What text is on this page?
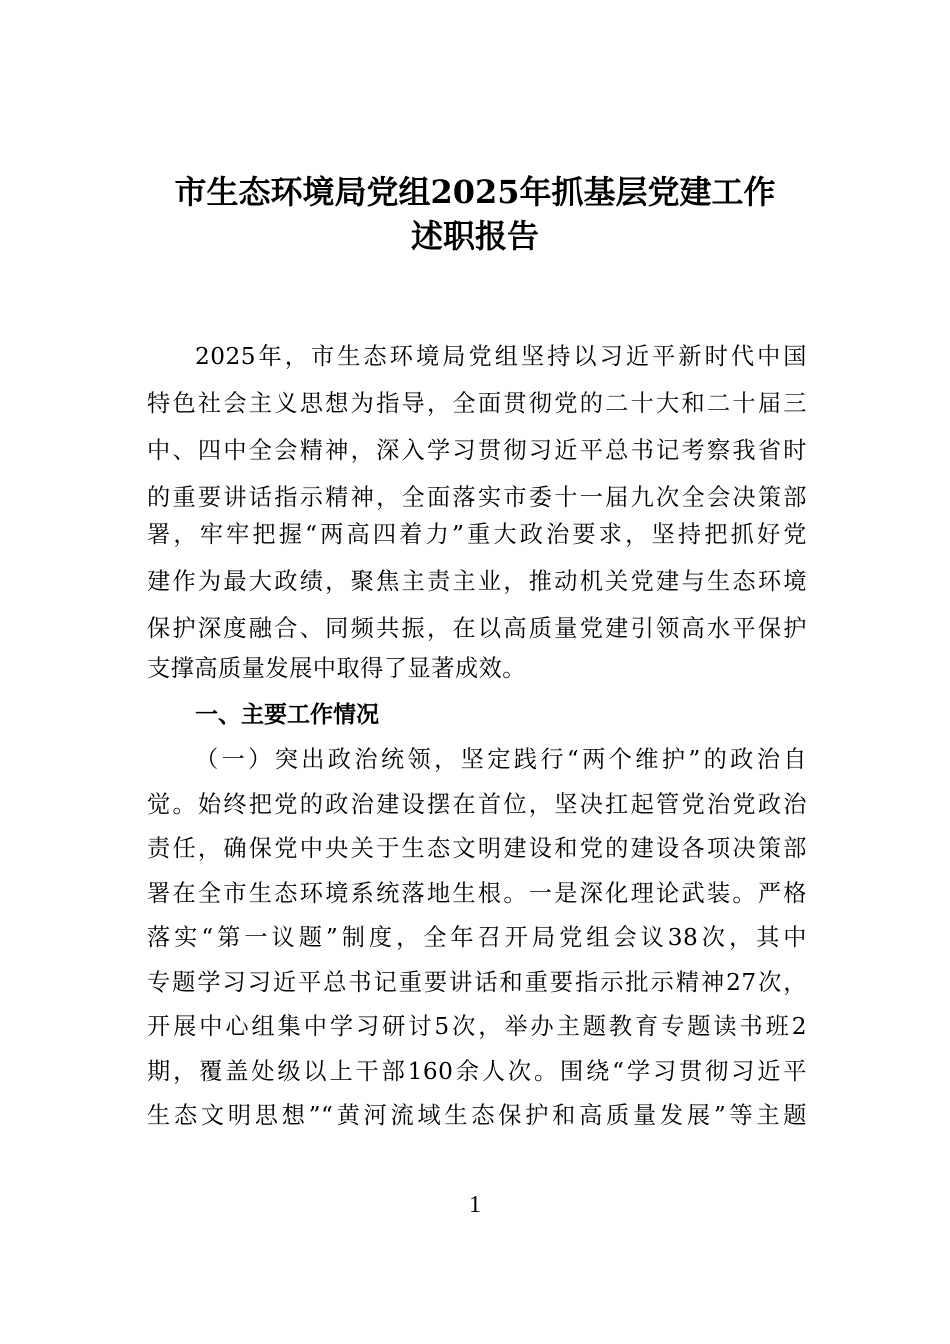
市生态环境局党组2025年抓基层党建工作
述职报告
2025年，市生态环境局党组坚持以习近平新时代中国
特色社会主义思想为指导，全面贯彻党的二十大和二十届三
中、四中全会精神，深入学习贯彻习近平总书记考察我省时
的重要讲话指示精神，全面落实市委十一届九次全会决策部
署，牢牢把握“两高四着力”重大政治要求，坚持把抓好党
建作为最大政绩，聚焦主责主业，推动机关党建与生态环境
保护深度融合、同频共振，在以高质量党建引领高水平保护
支撑高质量发展中取得了显著成效。
一、主要工作情况
（一）突出政治统领，坚定践行“两个维护”的政治自
觉。始终把党的政治建设摆在首位，坚决扛起管党治党政治
责任，确保党中央关于生态文明建设和党的建设各项决策部
署在全市生态环境系统落地生根。一是深化理论武装。严格
落实“第一议题”制度，全年召开局党组会议38次，其中
专题学习习近平总书记重要讲话和重要指示批示精神27次，
开展中心组集中学习研讨5次，举办主题教育专题读书班2
期，覆盖处级以上干部160余人次。围绕“学习贯彻习近平
生态文明思想”“黄河流域生态保护和高质量发展”等主题
1
